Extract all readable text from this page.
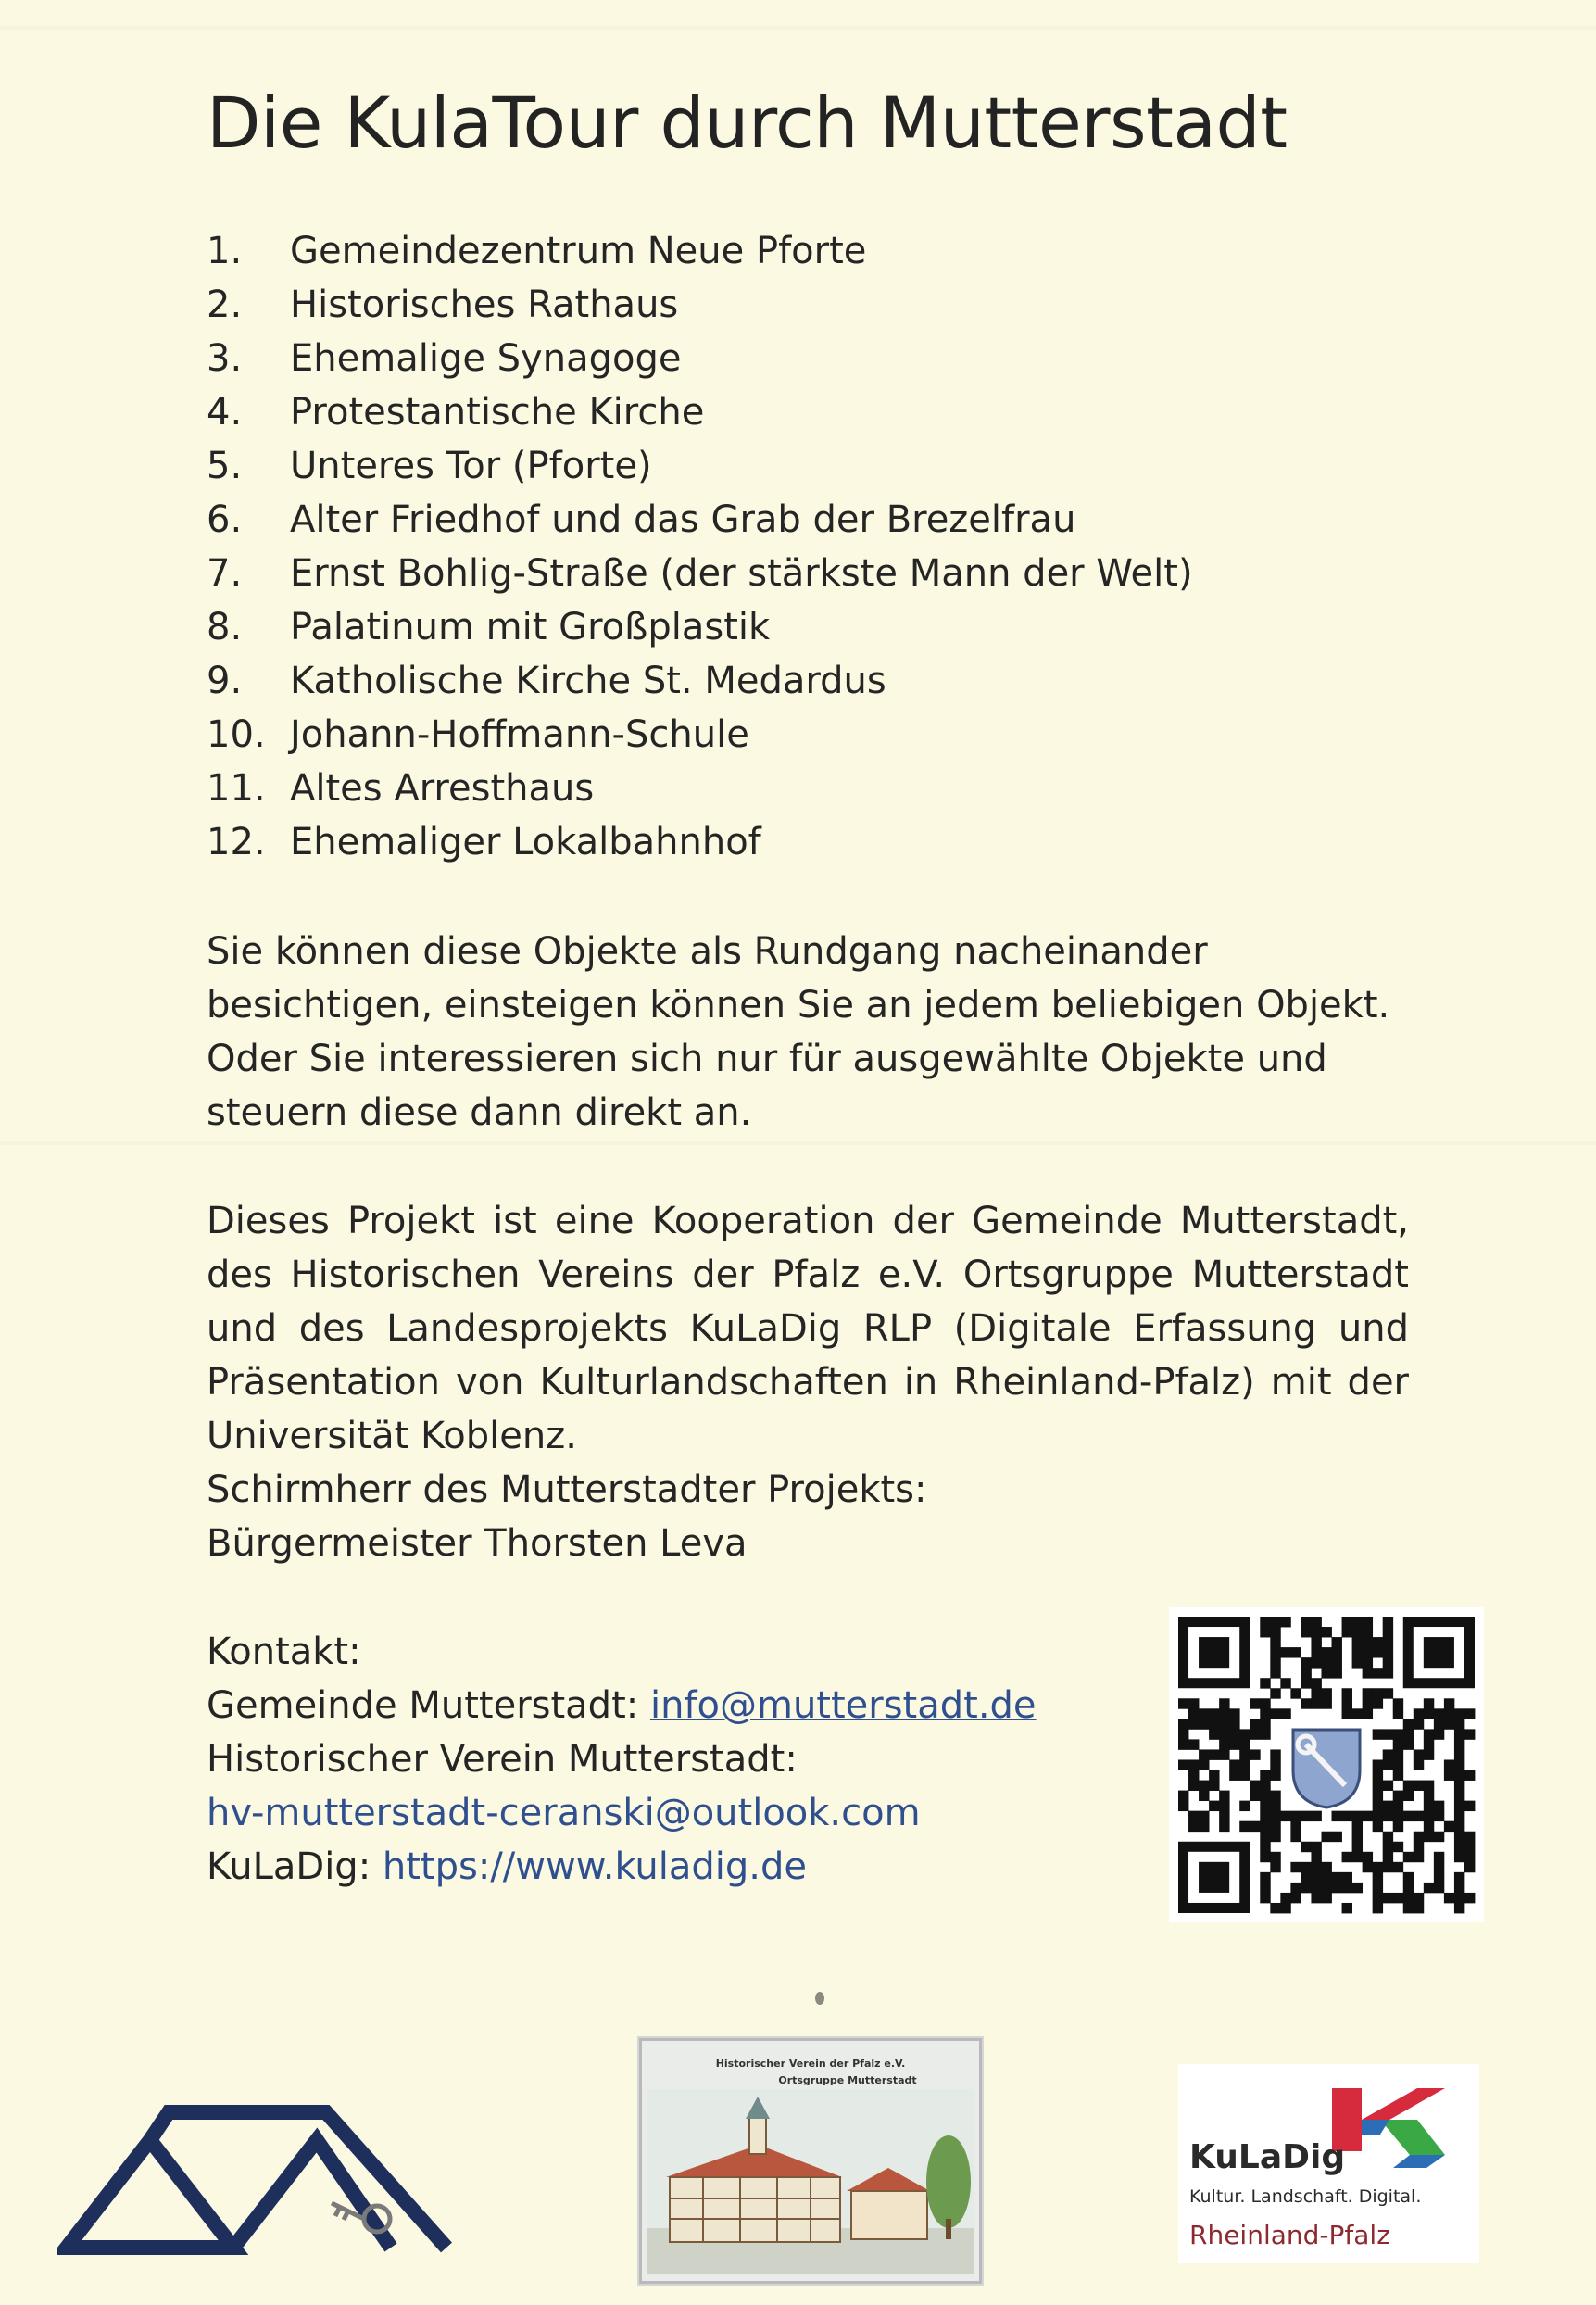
Die KulaTour durch Mutterstadt
1. Gemeindezentrum Neue Pforte
2. Historisches Rathaus
3. Ehemalige Synagoge
4. Protestantische Kirche
5. Unteres Tor (Pforte)
6. Alter Friedhof und das Grab der Brezelfrau
7. Ernst Bohlig-Straße (der stärkste Mann der Welt)
8. Palatinum mit Großplastik
9. Katholische Kirche St. Medardus
10. Johann-Hoffmann-Schule
11. Altes Arresthaus
12. Ehemaliger Lokalbahnhof

Sie können diese Objekte als Rundgang nacheinander
besichtigen, einsteigen können Sie an jedem beliebigen Objekt.
Oder Sie interessieren sich nur für ausgewählte Objekte und
steuern diese dann direkt an.

Dieses Projekt ist eine Kooperation der Gemeinde Mutterstadt,
des Historischen Vereins der Pfalz e.V. Ortsgruppe Mutterstadt
und des Landesprojekts KuLaDig RLP (Digitale Erfassung und
Präsentation von Kulturlandschaften in Rheinland-Pfalz) mit der
Universität Koblenz.
Schirmherr des Mutterstadter Projekts:
Bürgermeister Thorsten Leva

Kontakt:
Gemeinde Mutterstadt: info@mutterstadt.de
Historischer Verein Mutterstadt:
hv-mutterstadt-ceranski@outlook.com
KuLaDig: https://www.kuladig.de
Historischer Verein der Pfalz e.V.
Ortsgruppe Mutterstadt
KuLaDig
Kultur. Landschaft. Digital.
Rheinland-Pfalz
